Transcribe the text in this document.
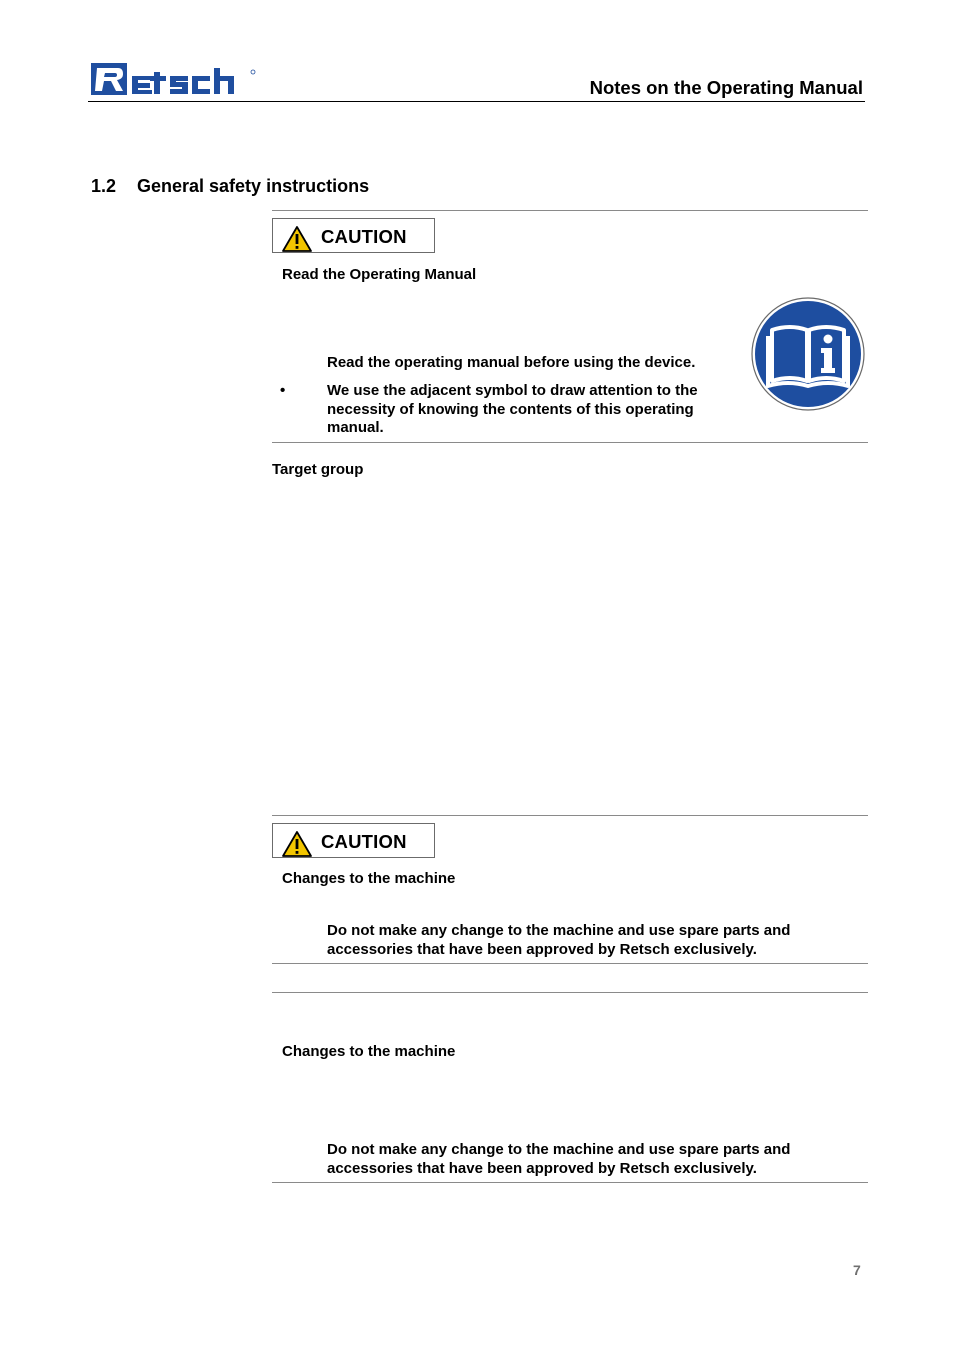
Notes on the Operating Manual
1.2 General safety instructions
CAUTION
Read the Operating Manual
Read the operating manual before using the device.
•	We use the adjacent symbol to draw attention to the necessity of knowing the contents of this operating manual.
Target group
CAUTION
Changes to the machine
Do not make any change to the machine and use spare parts and accessories that have been approved by Retsch exclusively.
Changes to the machine
Do not make any change to the machine and use spare parts and accessories that have been approved by Retsch exclusively.
7
